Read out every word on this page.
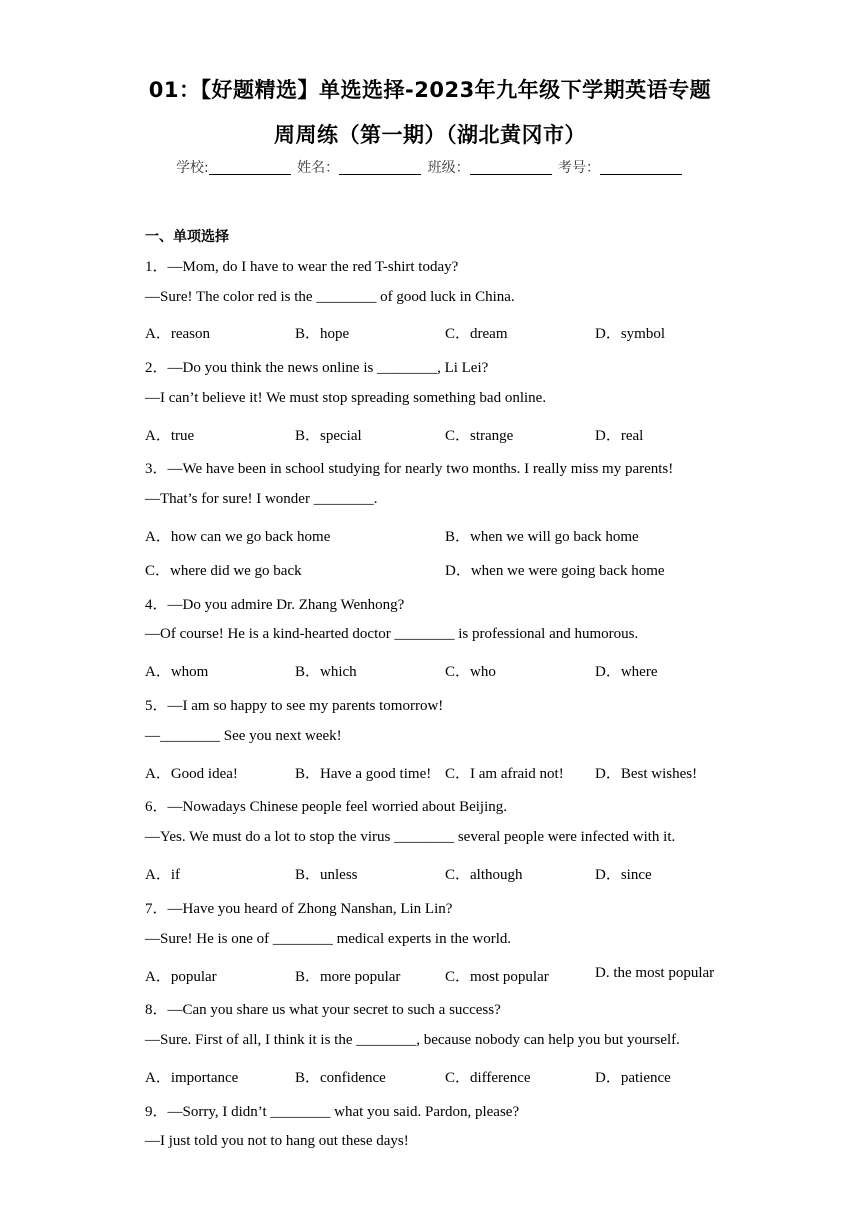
01：【好题精选】单选选择-2023年九年级下学期英语专题
周周练（第一期）（湖北黄冈市）
学校:	姓名：	班级：	考号：
一、单项选择
1．—Mom, do I have to wear the red T-shirt today?
—Sure! The color red is the ________ of good luck in China.
A．reason	B．hope	C．dream	D．symbol
2．—Do you think the news online is ________, Li Lei?
—I can’t believe it! We must stop spreading something bad online.
A．true	B．special	C．strange	D．real
3．—We have been in school studying for nearly two months. I really miss my parents!
—That’s for sure! I wonder ________.
A．how can we go back home	B．when we will go back home
C．where did we go back	D．when we were going back home
4．—Do you admire Dr. Zhang Wenhong?
—Of course! He is a kind-hearted doctor ________ is professional and humorous.
A．whom	B．which	C．who	D．where
5．—I am so happy to see my parents tomorrow!
—________ See you next week!
A．Good idea!	B．Have a good time! C．I am afraid not! D．Best wishes!
6．—Nowadays Chinese people feel worried about Beijing.
—Yes. We must do a lot to stop the virus ________ several people were infected with it.
A．if	B．unless	C．although	D．since
7．—Have you heard of Zhong Nanshan, Lin Lin?
—Sure! He is one of ________ medical experts in the world.
A．popular	B．more popular	C．most popular	D. the most popular
8．—Can you share us what your secret to such a success?
—Sure. First of all, I think it is the ________, because nobody can help you but yourself.
A．importance	B．confidence	C．difference	D．patience
9．—Sorry, I didn’t ________ what you said. Pardon, please?
—I just told you not to hang out these days!
